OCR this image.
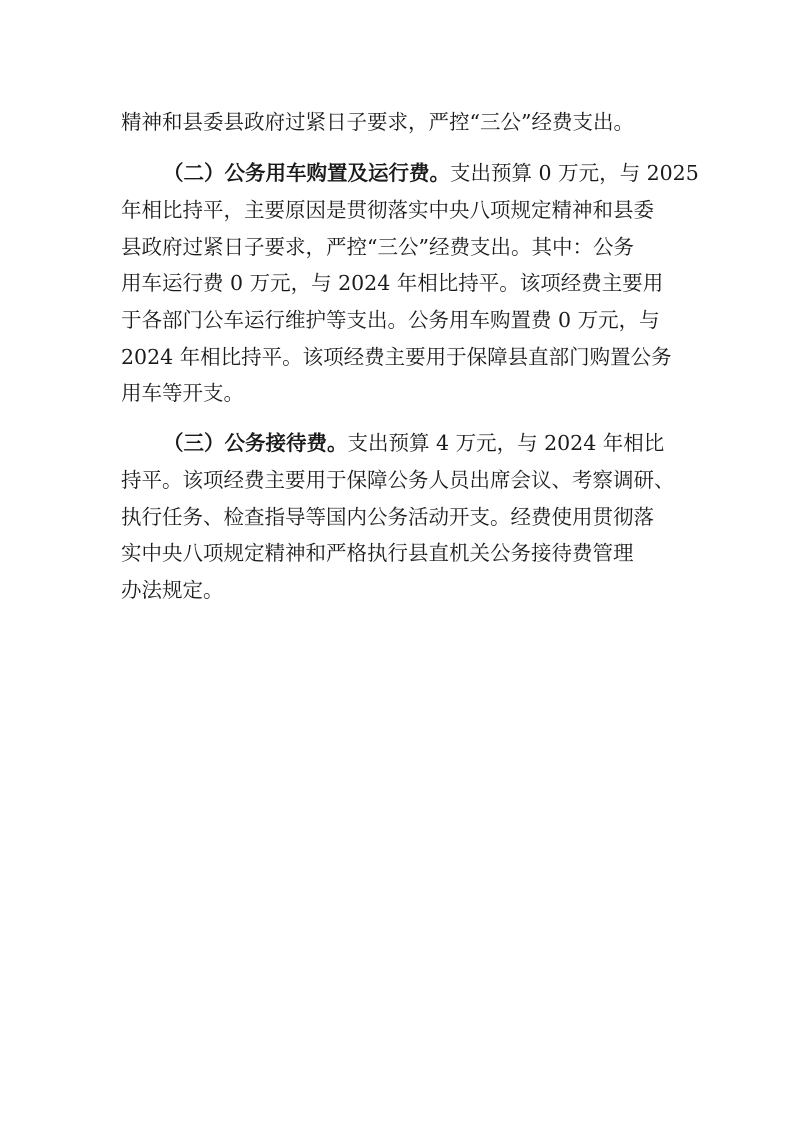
精神和县委县政府过紧日子要求，严控“三公”经费支出。
（二）公务用车购置及运行费。支出预算 0 万元，与 2025
年相比持平，主要原因是贯彻落实中央八项规定精神和县委
县政府过紧日子要求，严控“三公”经费支出。其中：公务
用车运行费 0 万元，与 2024 年相比持平。该项经费主要用
于各部门公车运行维护等支出。公务用车购置费 0 万元，与
2024 年相比持平。该项经费主要用于保障县直部门购置公务
用车等开支。
（三）公务接待费。支出预算 4 万元，与 2024 年相比
持平。该项经费主要用于保障公务人员出席会议、考察调研、
执行任务、检查指导等国内公务活动开支。经费使用贯彻落
实中央八项规定精神和严格执行县直机关公务接待费管理
办法规定。
